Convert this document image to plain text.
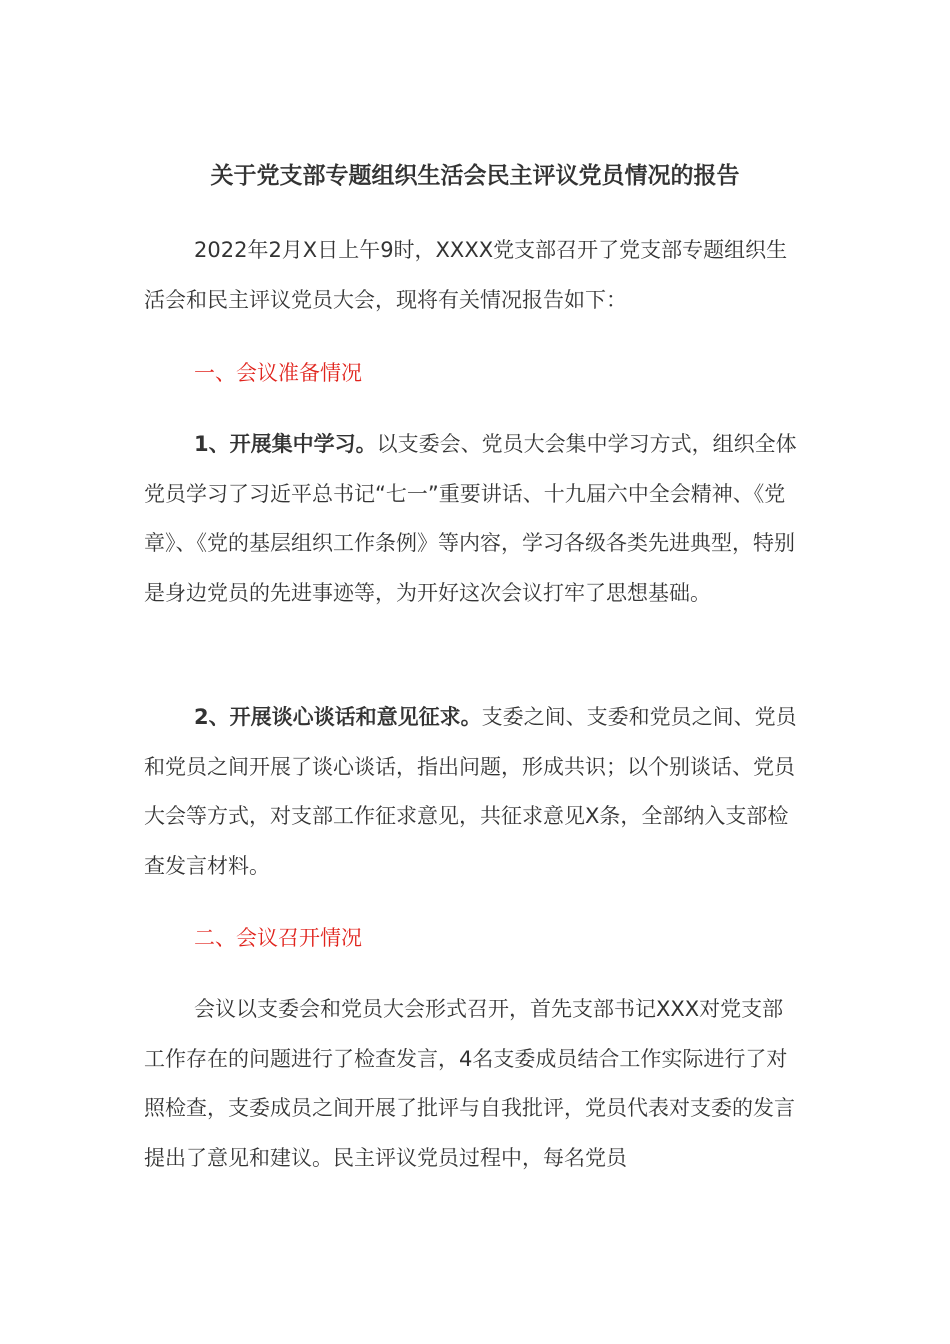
关于党支部专题组织生活会民主评议党员情况的报告
2022年2月X日上午9时，XXXX党支部召开了党支部专题组织生活会和民主评议党员大会，现将有关情况报告如下：
一、会议准备情况
1、开展集中学习。以支委会、党员大会集中学习方式，组织全体党员学习了习近平总书记“七一”重要讲话、十九届六中全会精神、《党章》、《党的基层组织工作条例》等内容，学习各级各类先进典型，特别是身边党员的先进事迹等，为开好这次会议打牢了思想基础。
2、开展谈心谈话和意见征求。支委之间、支委和党员之间、党员和党员之间开展了谈心谈话，指出问题，形成共识；以个别谈话、党员大会等方式，对支部工作征求意见，共征求意见X条，全部纳入支部检查发言材料。
二、会议召开情况
会议以支委会和党员大会形式召开，首先支部书记XXX对党支部工作存在的问题进行了检查发言，4名支委成员结合工作实际进行了对照检查，支委成员之间开展了批评与自我批评，党员代表对支委的发言提出了意见和建议。民主评议党员过程中，每名党员
